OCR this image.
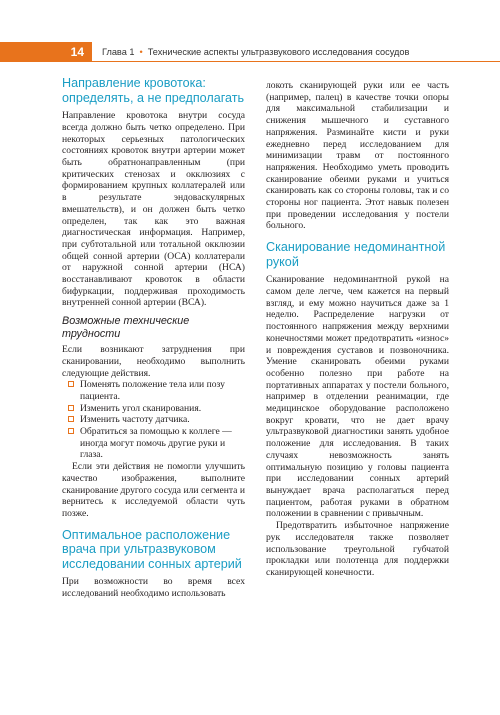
14	Глава 1 • Технические аспекты ультразвукового исследования сосудов
Направление кровотока: определять, а не предполагать

Направление кровотока внутри сосуда всегда должно быть четко определено. При некоторых серьезных патологических состояниях кровоток внутри артерии может быть обратнонаправленным (при критических стенозах и окклюзиях с формированием крупных коллатералей или в результате эндоваскулярных вмешательств), и он должен быть четко определен, так как это важная диагностическая информация. Например, при субтотальной или тотальной окклюзии общей сонной артерии (ОСА) коллатерали от наружной сонной артерии (НСА) восстанавливают кровоток в области бифуркации, поддерживая проходимость внутренней сонной артерии (ВСА).

Возможные технические трудности

Если возникают затруднения при сканировании, необходимо выполнить следующие действия.

Поменять положение тела или позу пациента.
Изменить угол сканирования.
Изменить частоту датчика.
Обратиться за помощью к коллеге — иногда могут помочь другие руки и глаза.

Если эти действия не помогли улучшить качество изображения, выполните сканирование другого сосуда или сегмента и вернитесь к исследуемой области чуть позже.

Оптимальное расположение врача при ультразвуковом исследовании сонных артерий

При возможности во время всех исследований необходимо использовать

локоть сканирующей руки или ее часть (например, палец) в качестве точки опоры для максимальной стабилизации и снижения мышечного и суставного напряжения. Разминайте кисти и руки ежедневно перед исследованием для минимизации травм от постоянного напряжения. Необходимо уметь проводить сканирование обеими руками и учиться сканировать как со стороны головы, так и со стороны ног пациента. Этот навык полезен при проведении исследования у постели больного.

Сканирование недоминантной рукой

Сканирование недоминантной рукой на самом деле легче, чем кажется на первый взгляд, и ему можно научиться даже за 1 неделю. Распределение нагрузки от постоянного напряжения между верхними конечностями может предотвратить «износ» и повреждения суставов и позвоночника. Умение сканировать обеими руками особенно полезно при работе на портативных аппаратах у постели больного, например в отделении реанимации, где медицинское оборудование расположено вокруг кровати, что не дает врачу ультразвуковой диагностики занять удобное положение для исследования. В таких случаях невозможность занять оптимальную позицию у головы пациента при исследовании сонных артерий вынуждает врача располагаться перед пациентом, работая руками в обратном положении в сравнении с привычным.

Предотвратить избыточное напряжение рук исследователя также позволяет использование треугольной губчатой прокладки или полотенца для поддержки сканирующей конечности.
